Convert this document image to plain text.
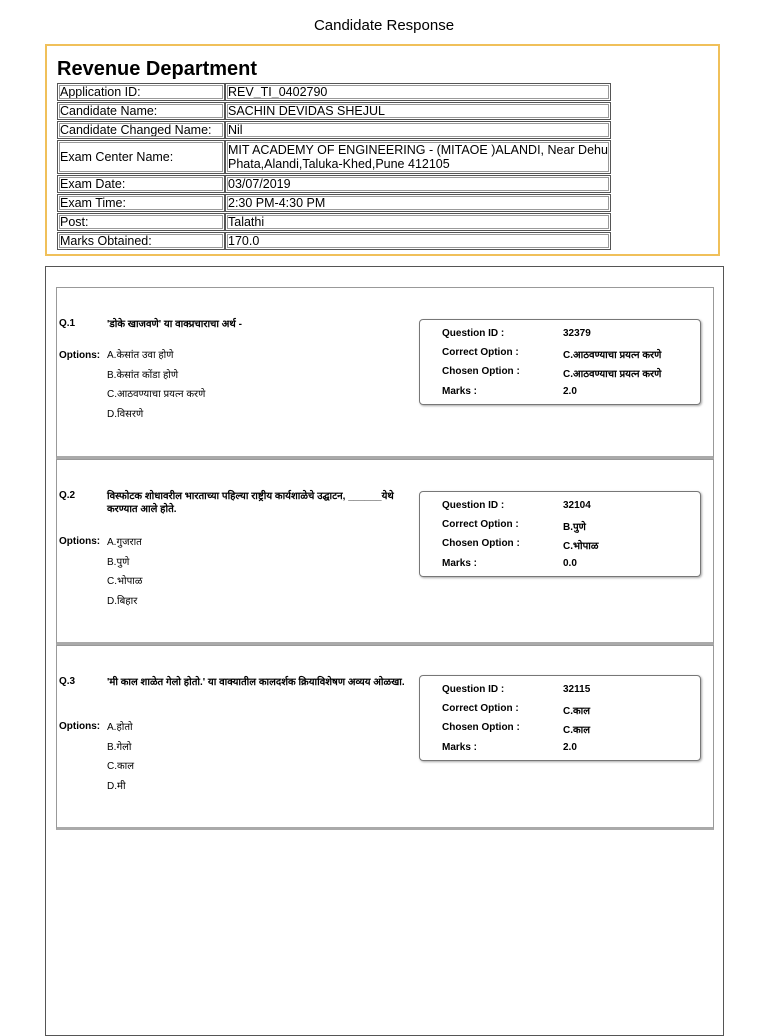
Candidate Response
Revenue Department
Application ID:	REV_TI_0402790
Candidate Name:	SACHIN DEVIDAS SHEJUL
Candidate Changed Name:	Nil
Exam Center Name:	MIT ACADEMY OF ENGINEERING - (MITAOE )ALANDI, Near Dehu Phata,Alandi,Taluka-Khed,Pune 412105
Exam Date:	03/07/2019
Exam Time:	2:30 PM-4:30 PM
Post:	Talathi
Marks Obtained:	170.0
Q.1	'डोके खाजवणे' या वाक्प्रचाराचा अर्थ -
Options: A.केसांत उवा होणे
B.केसांत कोंडा होणे
C.आठवण्याचा प्रयत्न करणे
D.विसरणे
Question ID :	32379
Correct Option :	C.आठवण्याचा प्रयत्न करणे
Chosen Option :	C.आठवण्याचा प्रयत्न करणे
Marks :	2.0
Q.2	विस्फोटक शोधावरील भारताच्या पहिल्या राष्ट्रीय कार्यशाळेचे उद्घाटन, ______येथे करण्यात आले होते.
Options: A.गुजरात
B.पुणे
C.भोपाळ
D.बिहार
Question ID :	32104
Correct Option :	B.पुणे
Chosen Option :	C.भोपाळ
Marks :	0.0
Q.3	'मी काल शाळेत गेलो होतो.' या वाक्यातील कालदर्शक क्रियाविशेषण अव्यय ओळखा.
Options: A.होतो
B.गेलो
C.काल
D.मी
Question ID :	32115
Correct Option :	C.काल
Chosen Option :	C.काल
Marks :	2.0
